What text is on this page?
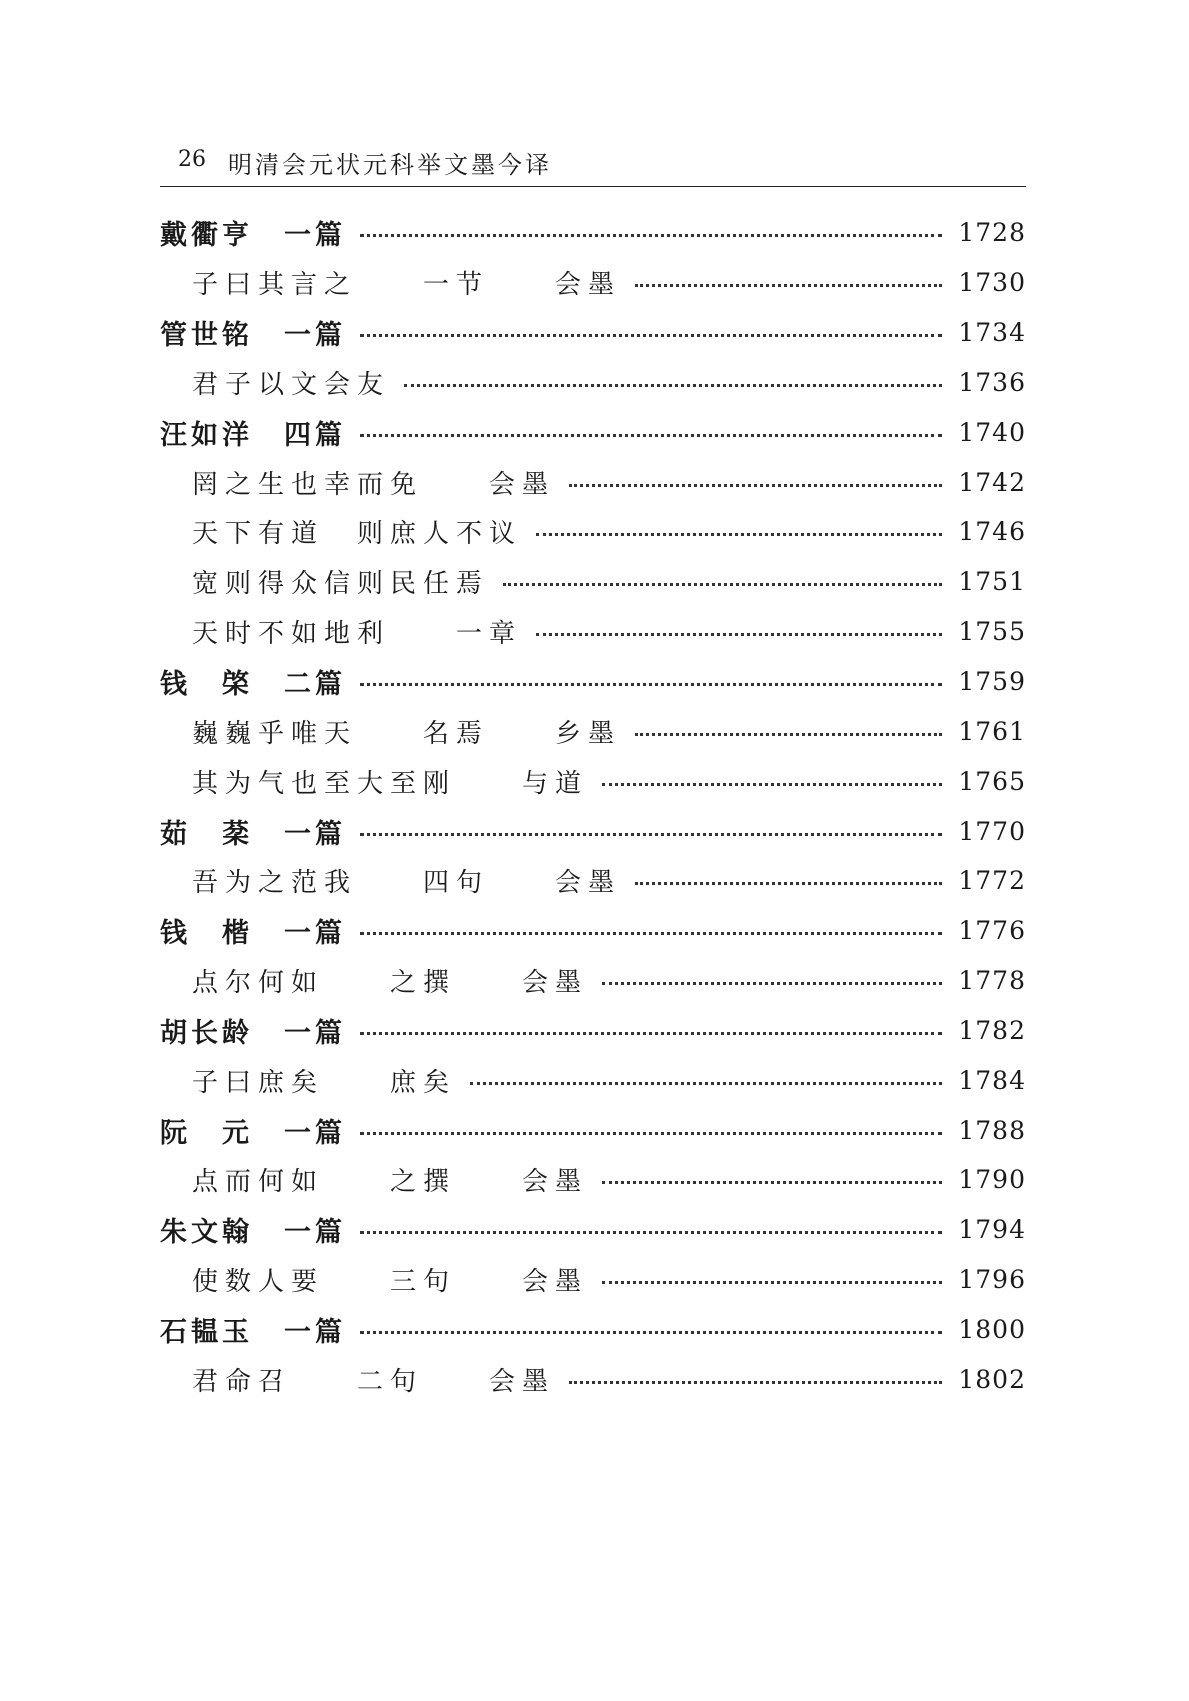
26 明清会元状元科举文墨今译
戴衢亨　一篇	1728
子曰其言之　　一节　　会墨	1730
管世铭　一篇	1734
君子以文会友	1736
汪如洋　四篇	1740
罔之生也幸而免　　会墨	1742
天下有道　则庶人不议	1746
宽则得众信则民任焉	1751
天时不如地利　　一章	1755
钱　棨　二篇	1759
巍巍乎唯天　　名焉　　乡墨	1761
其为气也至大至刚　　与道	1765
茹　棻　一篇	1770
吾为之范我　　四句　　会墨	1772
钱　楷　一篇	1776
点尔何如　　之撰　　会墨	1778
胡长龄　一篇	1782
子曰庶矣　　庶矣	1784
阮　元　一篇	1788
点而何如　　之撰　　会墨	1790
朱文翰　一篇	1794
使数人要　　三句　　会墨	1796
石韫玉　一篇	1800
君命召　　二句　　会墨	1802
